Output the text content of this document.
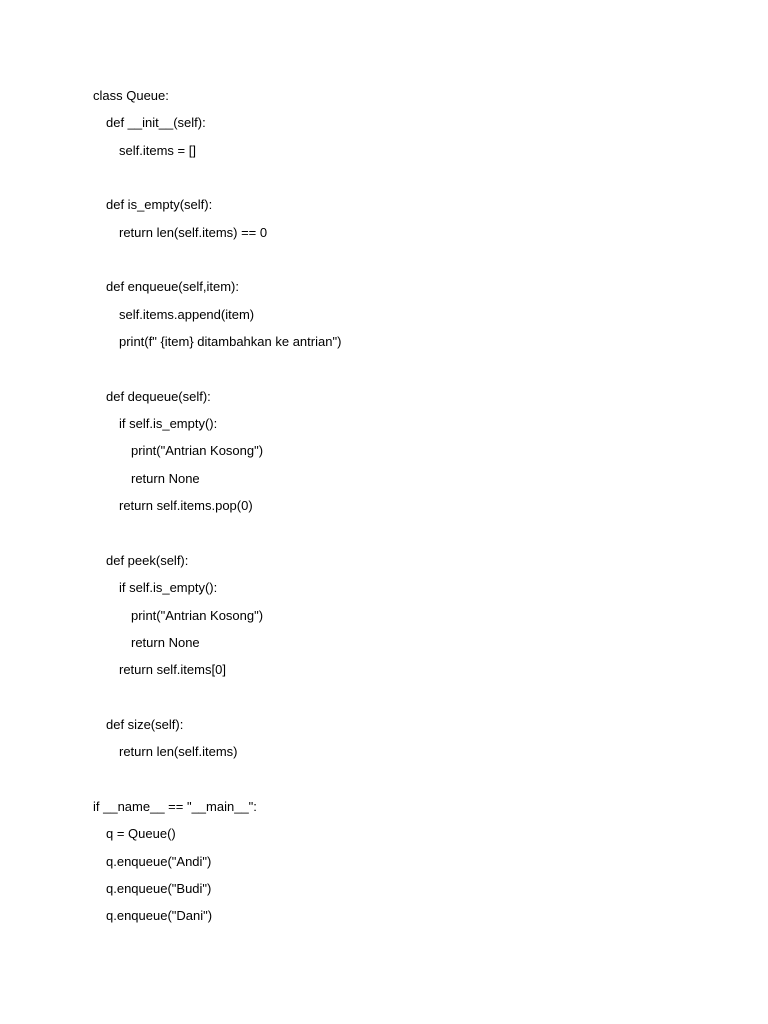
class Queue:
def __init__(self):
self.items = []
def is_empty(self):
return len(self.items) == 0
def enqueue(self,item):
self.items.append(item)
print(f" {item} ditambahkan ke antrian")
def dequeue(self):
if self.is_empty():
print("Antrian Kosong")
return None
return self.items.pop(0)
def peek(self):
if self.is_empty():
print("Antrian Kosong")
return None
return self.items[0]
def size(self):
return len(self.items)
if __name__ == "__main__":
q = Queue()
q.enqueue("Andi")
q.enqueue("Budi")
q.enqueue("Dani")
